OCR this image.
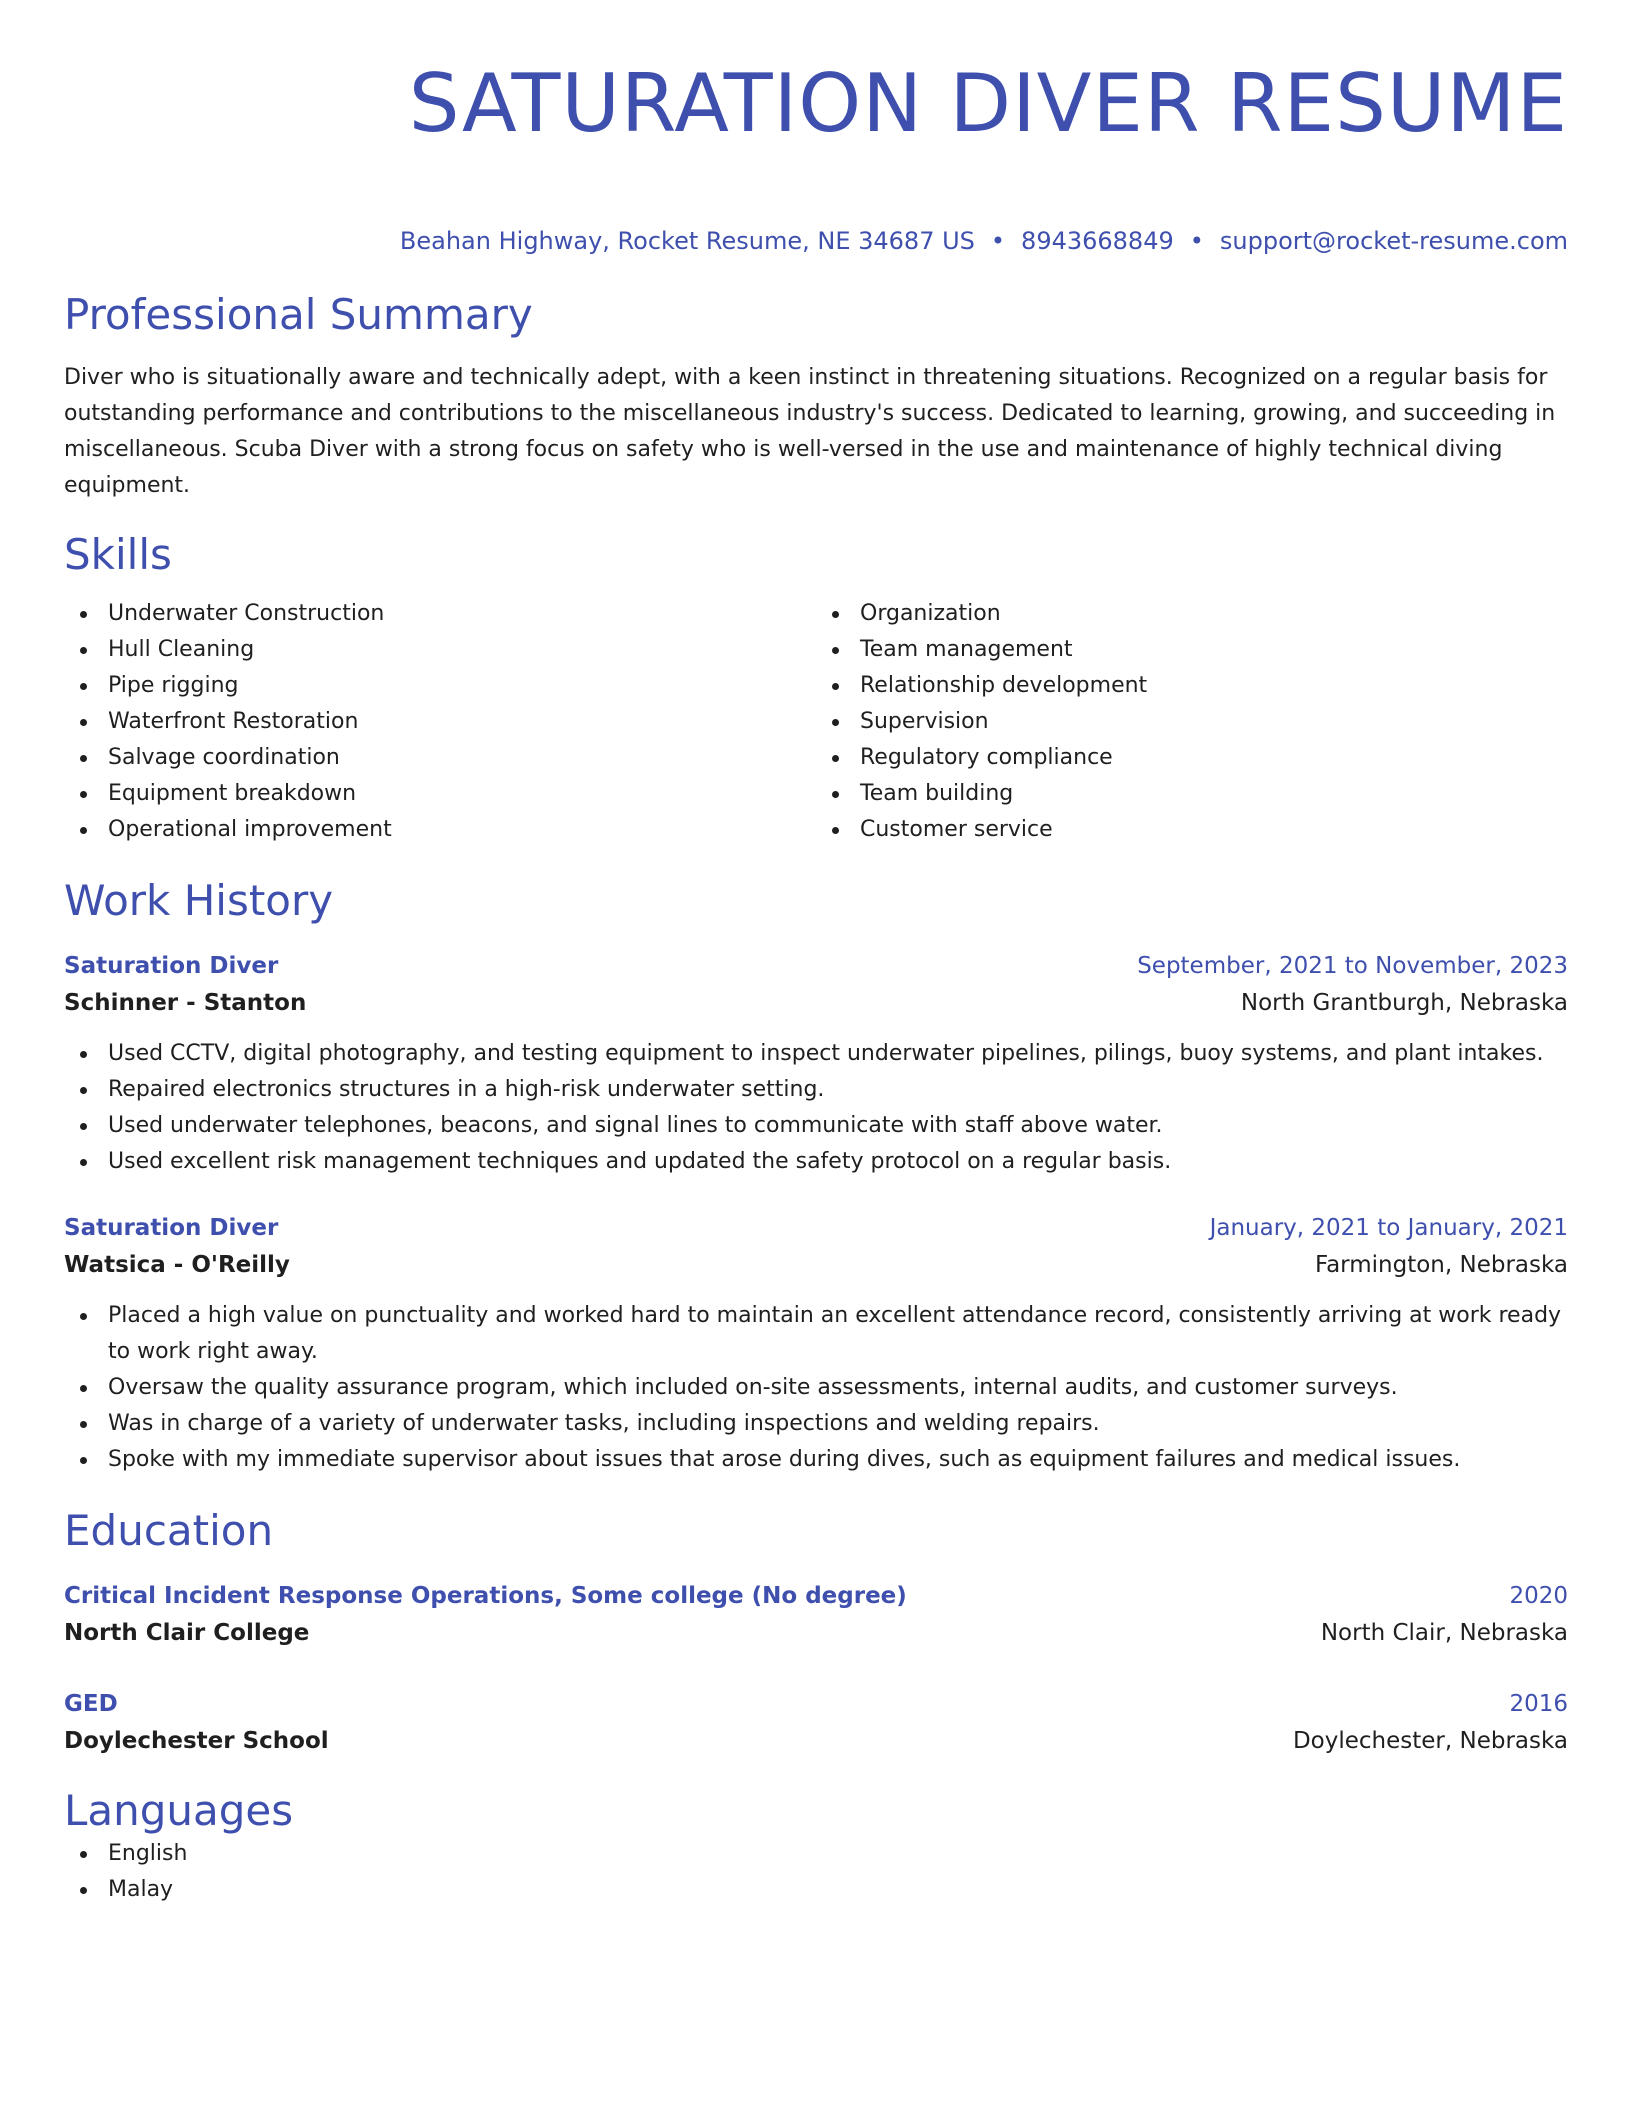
SATURATION DIVER RESUME
Beahan Highway, Rocket Resume, NE 34687 US • 8943668849 • support@rocket-resume.com
Professional Summary

Diver who is situationally aware and technically adept, with a keen instinct in threatening situations. Recognized on a regular basis for outstanding performance and contributions to the miscellaneous industry's success. Dedicated to learning, growing, and succeeding in miscellaneous. Scuba Diver with a strong focus on safety who is well-versed in the use and maintenance of highly technical diving equipment.

Skills
Underwater Construction
Hull Cleaning
Pipe rigging
Waterfront Restoration
Salvage coordination
Equipment breakdown
Operational improvement
Organization
Team management
Relationship development
Supervision
Regulatory compliance
Team building
Customer service
Work History
Saturation Diver	September, 2021 to November, 2023
Schinner - Stanton	North Grantburgh, Nebraska
Used CCTV, digital photography, and testing equipment to inspect underwater pipelines, pilings, buoy systems, and plant intakes.
Repaired electronics structures in a high-risk underwater setting.
Used underwater telephones, beacons, and signal lines to communicate with staff above water.
Used excellent risk management techniques and updated the safety protocol on a regular basis.
Saturation Diver	January, 2021 to January, 2021
Watsica - O'Reilly	Farmington, Nebraska
Placed a high value on punctuality and worked hard to maintain an excellent attendance record, consistently arriving at work ready to work right away.
Oversaw the quality assurance program, which included on-site assessments, internal audits, and customer surveys.
Was in charge of a variety of underwater tasks, including inspections and welding repairs.
Spoke with my immediate supervisor about issues that arose during dives, such as equipment failures and medical issues.
Education
Critical Incident Response Operations, Some college (No degree)	2020
North Clair College	North Clair, Nebraska
GED	2016
Doylechester School	Doylechester, Nebraska
Languages
English
Malay
